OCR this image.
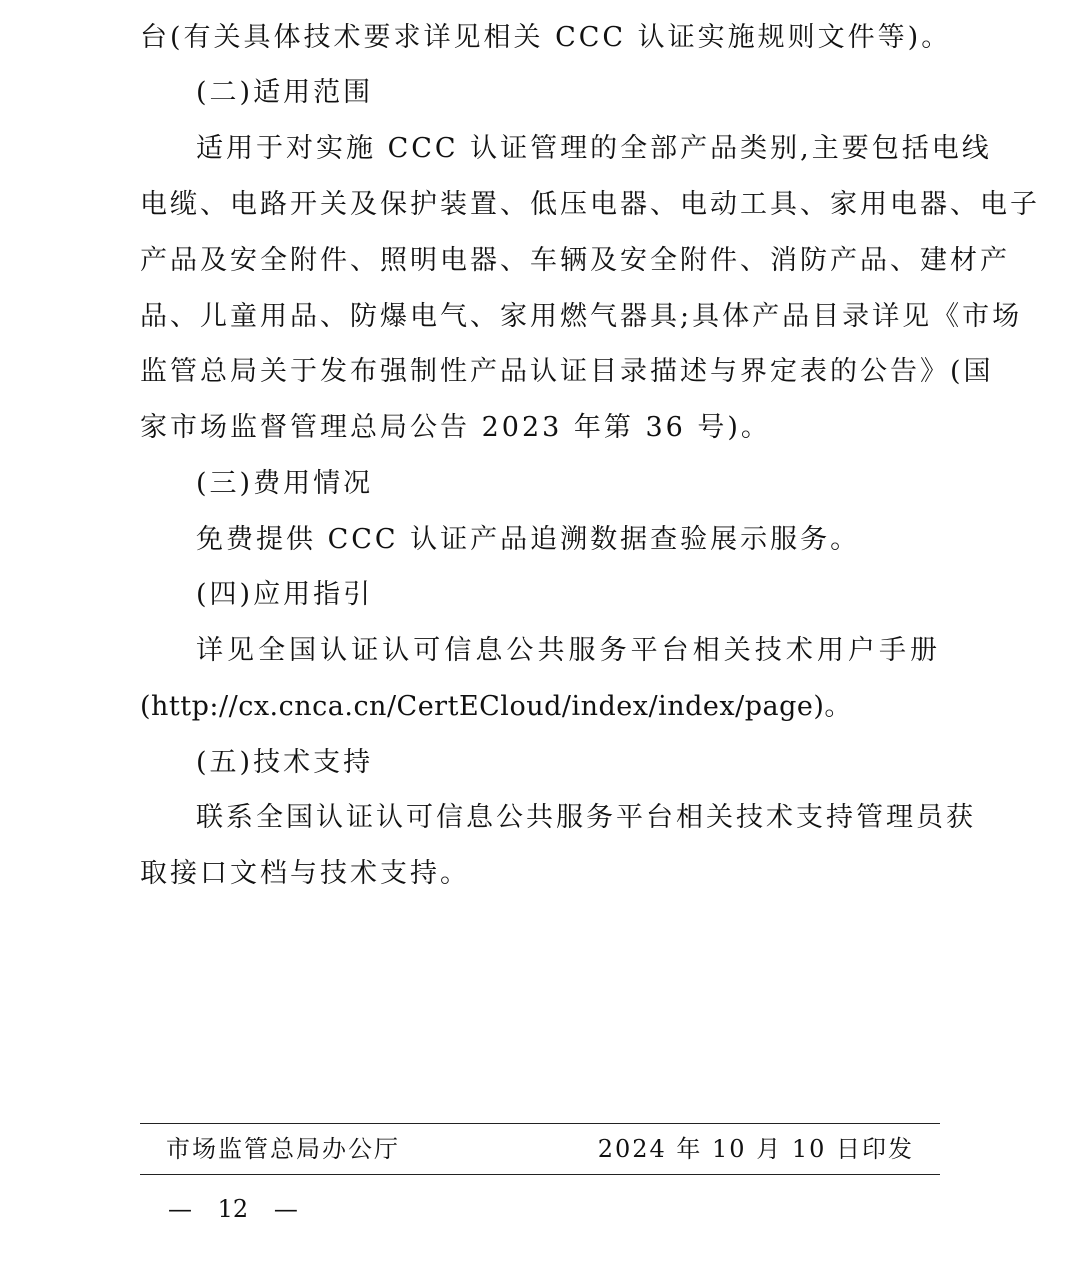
台(有关具体技术要求详见相关 CCC 认证实施规则文件等)。
(二)适用范围
适用于对实施 CCC 认证管理的全部产品类别,主要包括电线
电缆、电路开关及保护装置、低压电器、电动工具、家用电器、电子
产品及安全附件、照明电器、车辆及安全附件、消防产品、建材产
品、儿童用品、防爆电气、家用燃气器具;具体产品目录详见《市场
监管总局关于发布强制性产品认证目录描述与界定表的公告》(国
家市场监督管理总局公告 2023 年第 36 号)。
(三)费用情况
免费提供 CCC 认证产品追溯数据查验展示服务。
(四)应用指引
详见全国认证认可信息公共服务平台相关技术用户手册
(http://cx.cnca.cn/CertECloud/index/index/page)。
(五)技术支持
联系全国认证认可信息公共服务平台相关技术支持管理员获
取接口文档与技术支持。
市场监管总局办公厅	2024 年 10 月 10 日印发
— 12 —
